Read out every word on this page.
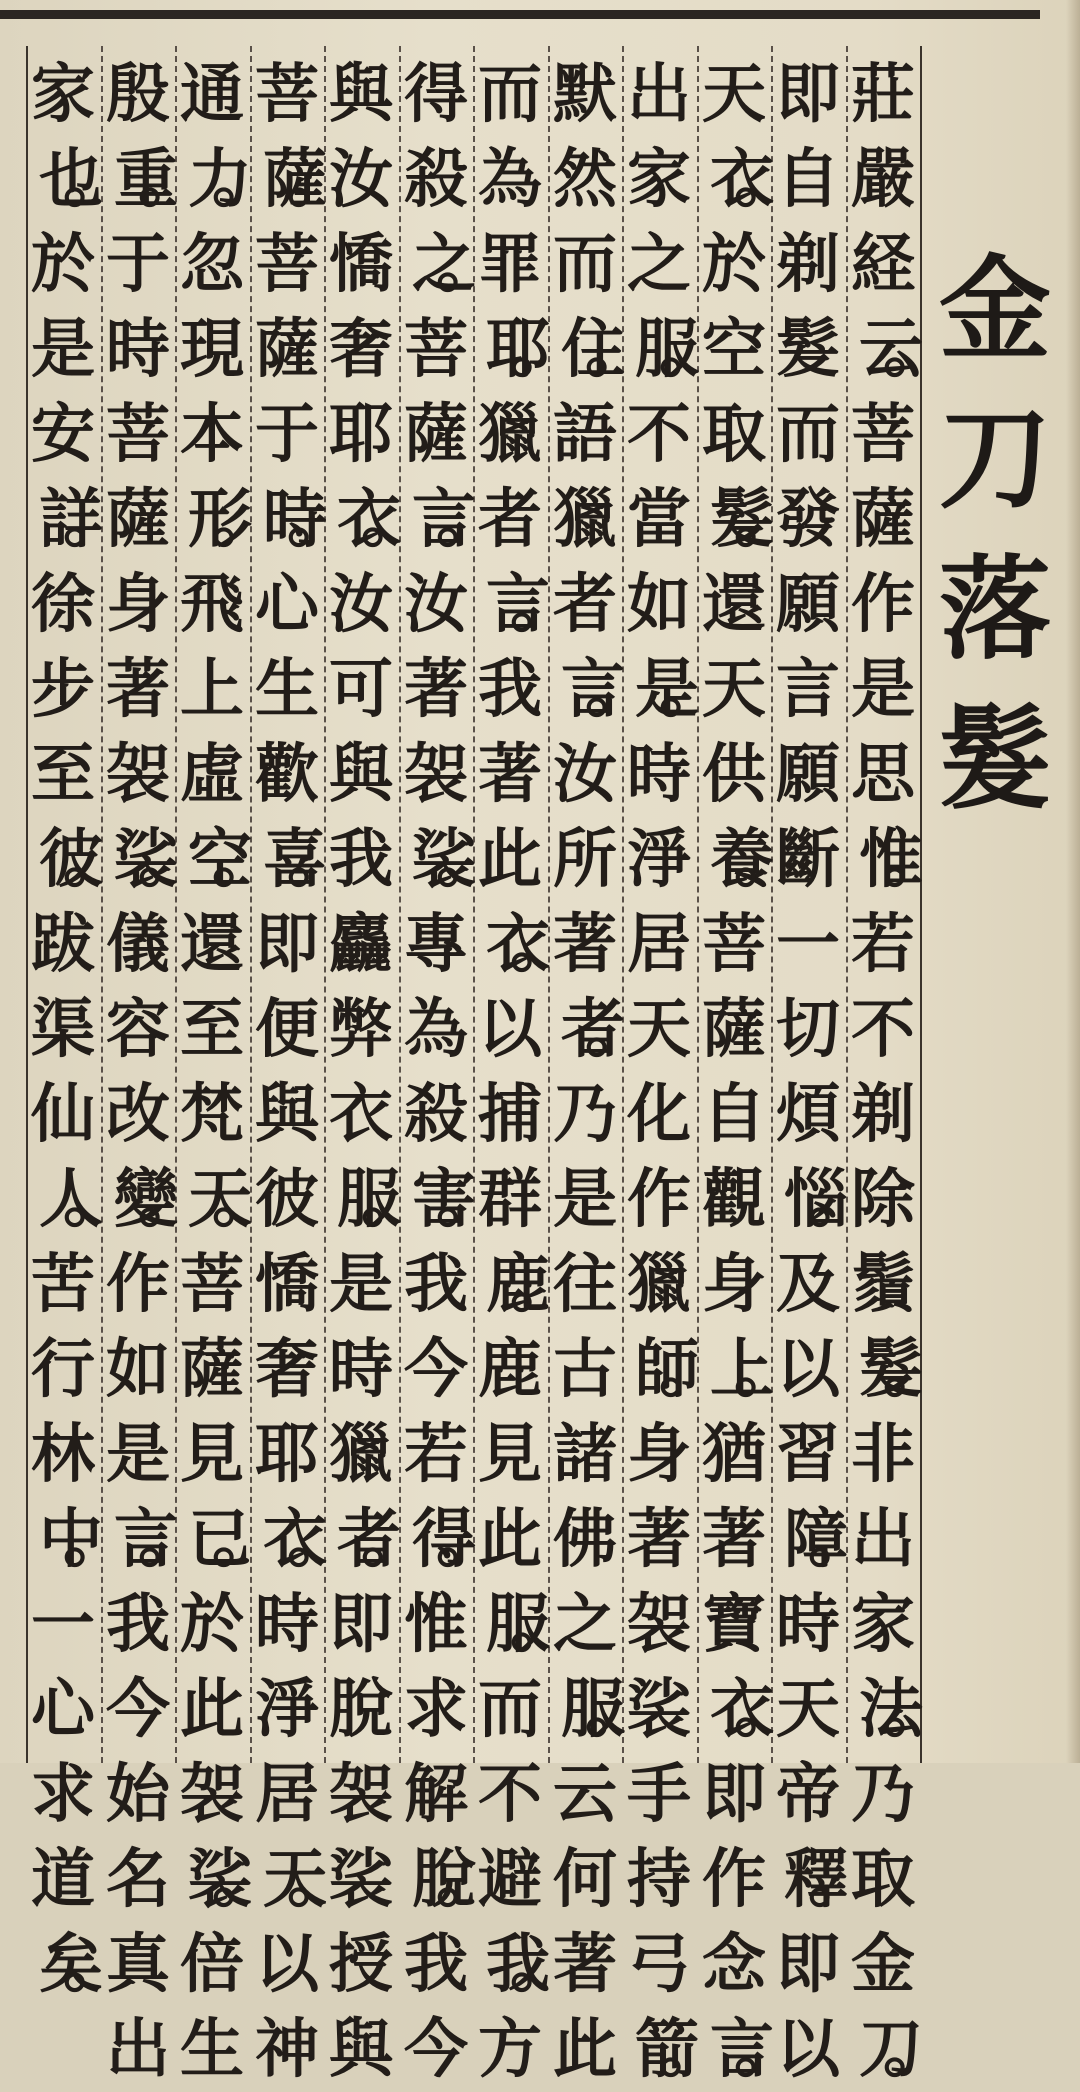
金
刀
落
髮
莊
嚴
経
云。
菩
薩
作
是
思
惟。
若
不
剃
除
鬚
髮。
非
出
家
法。
乃
取
金
刀。
即
自
剃
髮
而
發
願
言
願
斷
一
切
煩
惱。
及
以
習
障。
時
天
帝
釋。
即
以
天
衣。
於
空
取
髮。
還
天
供
養。
菩
薩
自
觀
身
上。
猶
著
寶
衣。
即
作
念
言。
出
家
之
服。
不
當
如
是。
時
淨
居
天
化
作
獵
師。
身
著
袈
裟
手
持
弓
箭。
默
然
而
住。
語
獵
者
言。
汝
所
著
者。
乃
是
往
古
諸
佛
之
服。
云
何
著
此
而
為
罪
耶。
獵
者
言。
我
著
此
衣。
以
捕
群
鹿。
鹿
見
此
服。
而
不
避
我。
方
得
殺
之。
菩
薩
言。
汝
著
袈
裟。
專
為
殺
害。
我
今
若
得。
惟
求
解
脫。
我
今
與
汝
憍
奢
耶
衣。
汝
可
與
我
麤
弊
衣
服。
是
時
獵
者。
即
脫
袈
裟
授
與
菩
薩。
菩
薩
于
時。
心
生
歡
喜。
即
便
與
彼
憍
奢
耶
衣。
時
淨
居
天。
以
神
通
力。
忽
現
本
形。
飛
上
虛
空。
還
至
梵
天。
菩
薩
見
已。
於
此
袈
裟。
倍
生
殷
重。
于
時
菩
薩
身
著
袈
裟。
儀
容
改
變。
作
如
是
言。
我
今
始
名
真
出
家
也。
於
是
安
詳。
徐
步
至
彼。
跋
渠
仙
人。
苦
行
林
中。
一
心
求
道
矣。
